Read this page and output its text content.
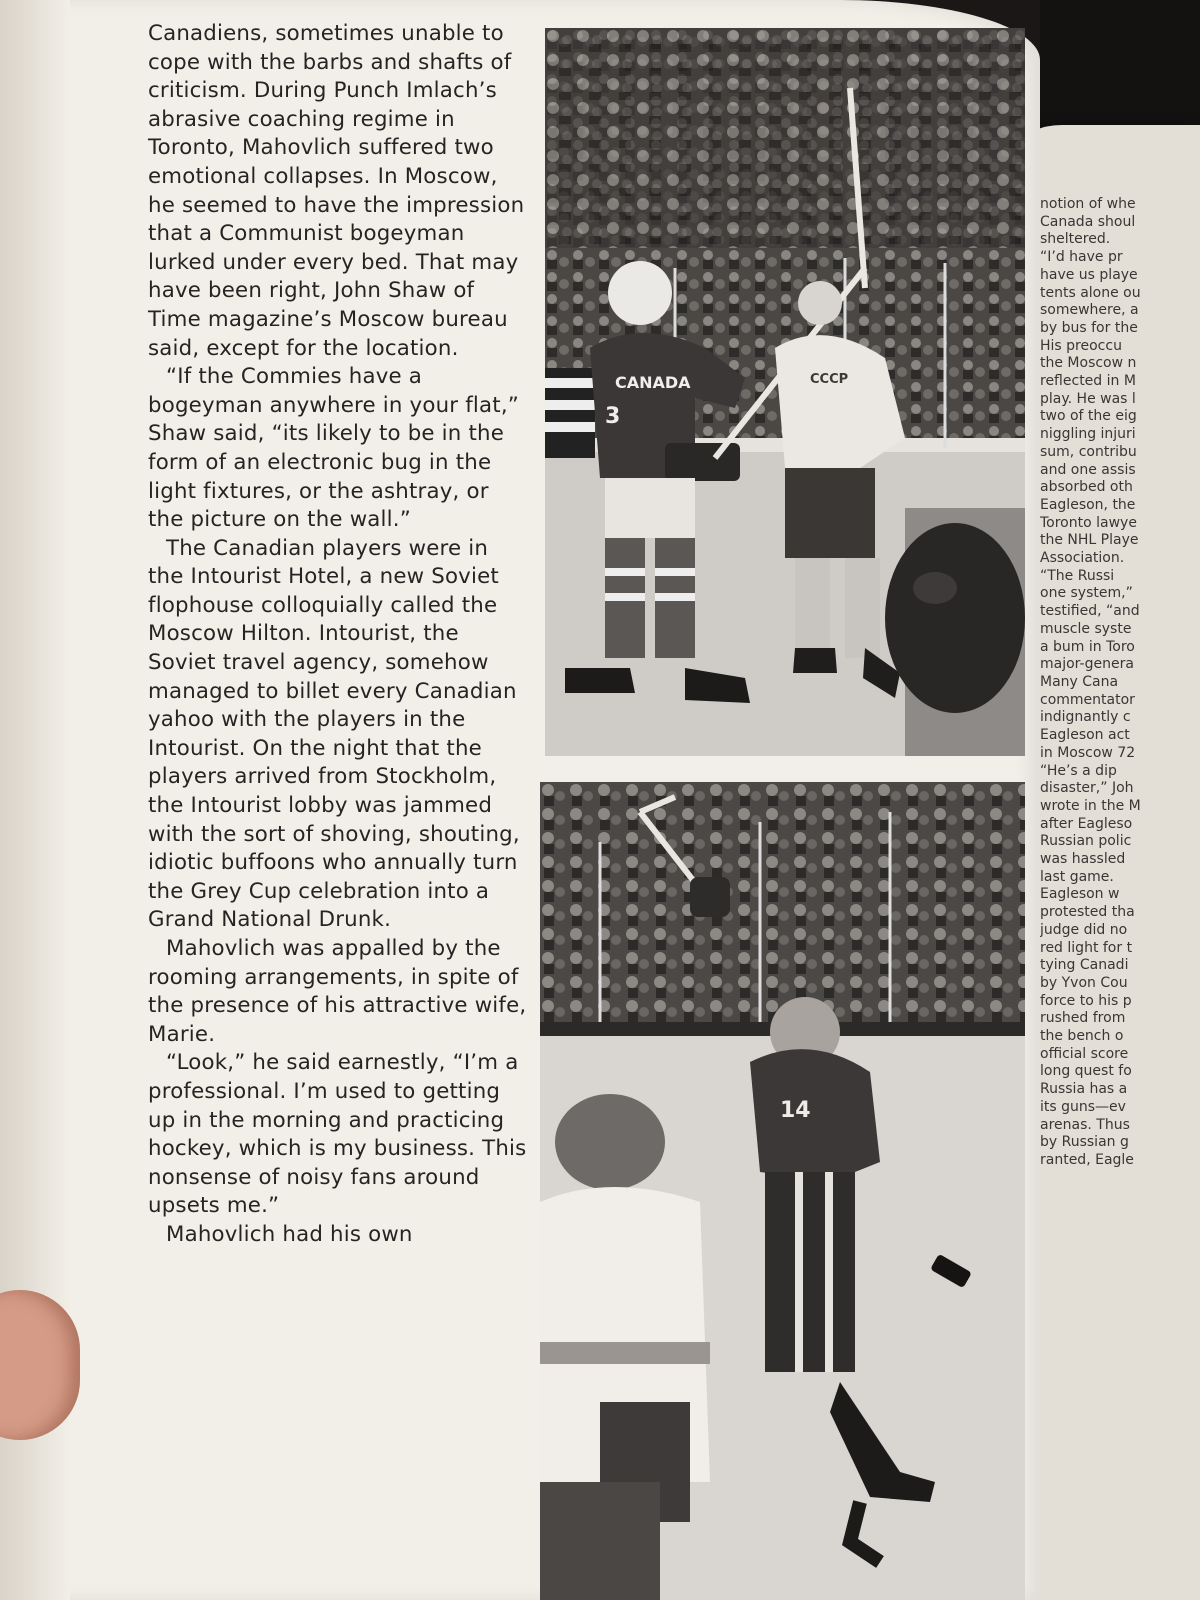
notion of whe

Canada shoul

sheltered.

“I’d have pr

have us playe

tents alone ou

somewhere, a

by bus for the

His preoccu

the Moscow n

reflected in M

play. He was l

two of the eig

niggling injuri

sum, contribu

and one assis

absorbed oth

Eagleson, the

Toronto lawye

the NHL Playe

Association.

“The Russi

one system,”

testified, “and

muscle syste

a bum in Toro

major-genera

Many Cana

commentator

indignantly c

Eagleson act

in Moscow 72

“He’s a dip

disaster,” Joh

wrote in the M

after Eagleso

Russian polic

was hassled

last game.

Eagleson w

protested tha

judge did no

red light for t

tying Canadi

by Yvon Cou

force to his p

rushed from

the bench o

official score

long quest fo

Russia has a

its guns—ev

arenas. Thus

by Russian g

ranted, Eagle

Canadiens, sometimes unable to cope with the barbs and shafts of criticism. During Punch Imlach’s abrasive coaching regime in Toronto, Mahovlich suffered two emotional collapses. In Moscow, he seemed to have the impression that a Communist bogeyman lurked under every bed. That may have been right, John Shaw of Time magazine’s Moscow bureau said, except for the location.

“If the Commies have a bogeyman anywhere in your flat,” Shaw said, “its likely to be in the form of an electronic bug in the light fixtures, or the ashtray, or the picture on the wall.”

The Canadian players were in the Intourist Hotel, a new Soviet flophouse colloquially called the Moscow Hilton. Intourist, the Soviet travel agency, somehow managed to billet every Canadian yahoo with the players in the Intourist. On the night that the players arrived from Stockholm, the Intourist lobby was jammed with the sort of shoving, shouting, idiotic buffoons who annually turn the Grey Cup celebration into a Grand National Drunk.

Mahovlich was appalled by the rooming arrangements, in spite of the presence of his attractive wife, Marie.

“Look,” he said earnestly, “I’m a professional. I’m used to getting up in the morning and practicing hockey, which is my business. This nonsense of noisy fans around upsets me.”

Mahovlich had his own

CANADA
3
CCCP
14
